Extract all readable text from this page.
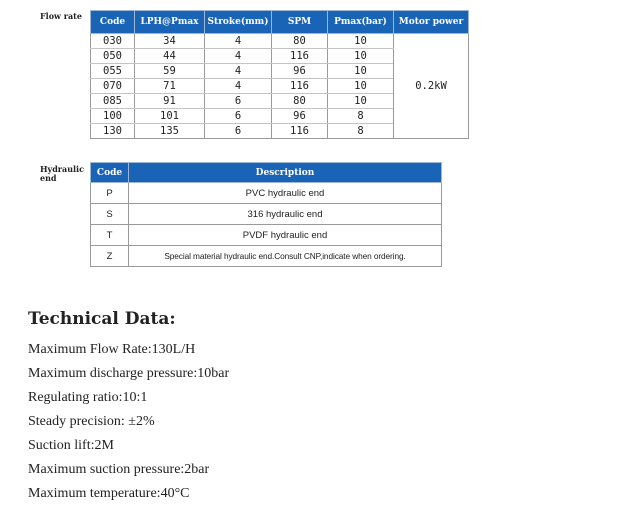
Flow rate
Code	LPH@Pmax	Stroke(mm)	SPM	Pmax(bar)	Motor power
030	34	4	80	10	0.2kW
050	44	4	116	10	
055	59	4	96	10	
070	71	4	116	10	
085	91	6	80	10	
100	101	6	96	8	
130	135	6	116	8	
Hydraulic
end
Code	Description
P	PVC hydraulic end
S	316 hydraulic end
T	PVDF hydraulic end
Z	Special material hydraulic end.Consult CNP,indicate when ordering.
Technical Data:

Maximum Flow Rate:130L/H

Maximum discharge pressure:10bar

Regulating ratio:10:1

Steady precision: ±2%

Suction lift:2M

Maximum suction pressure:2bar

Maximum temperature:40°C
